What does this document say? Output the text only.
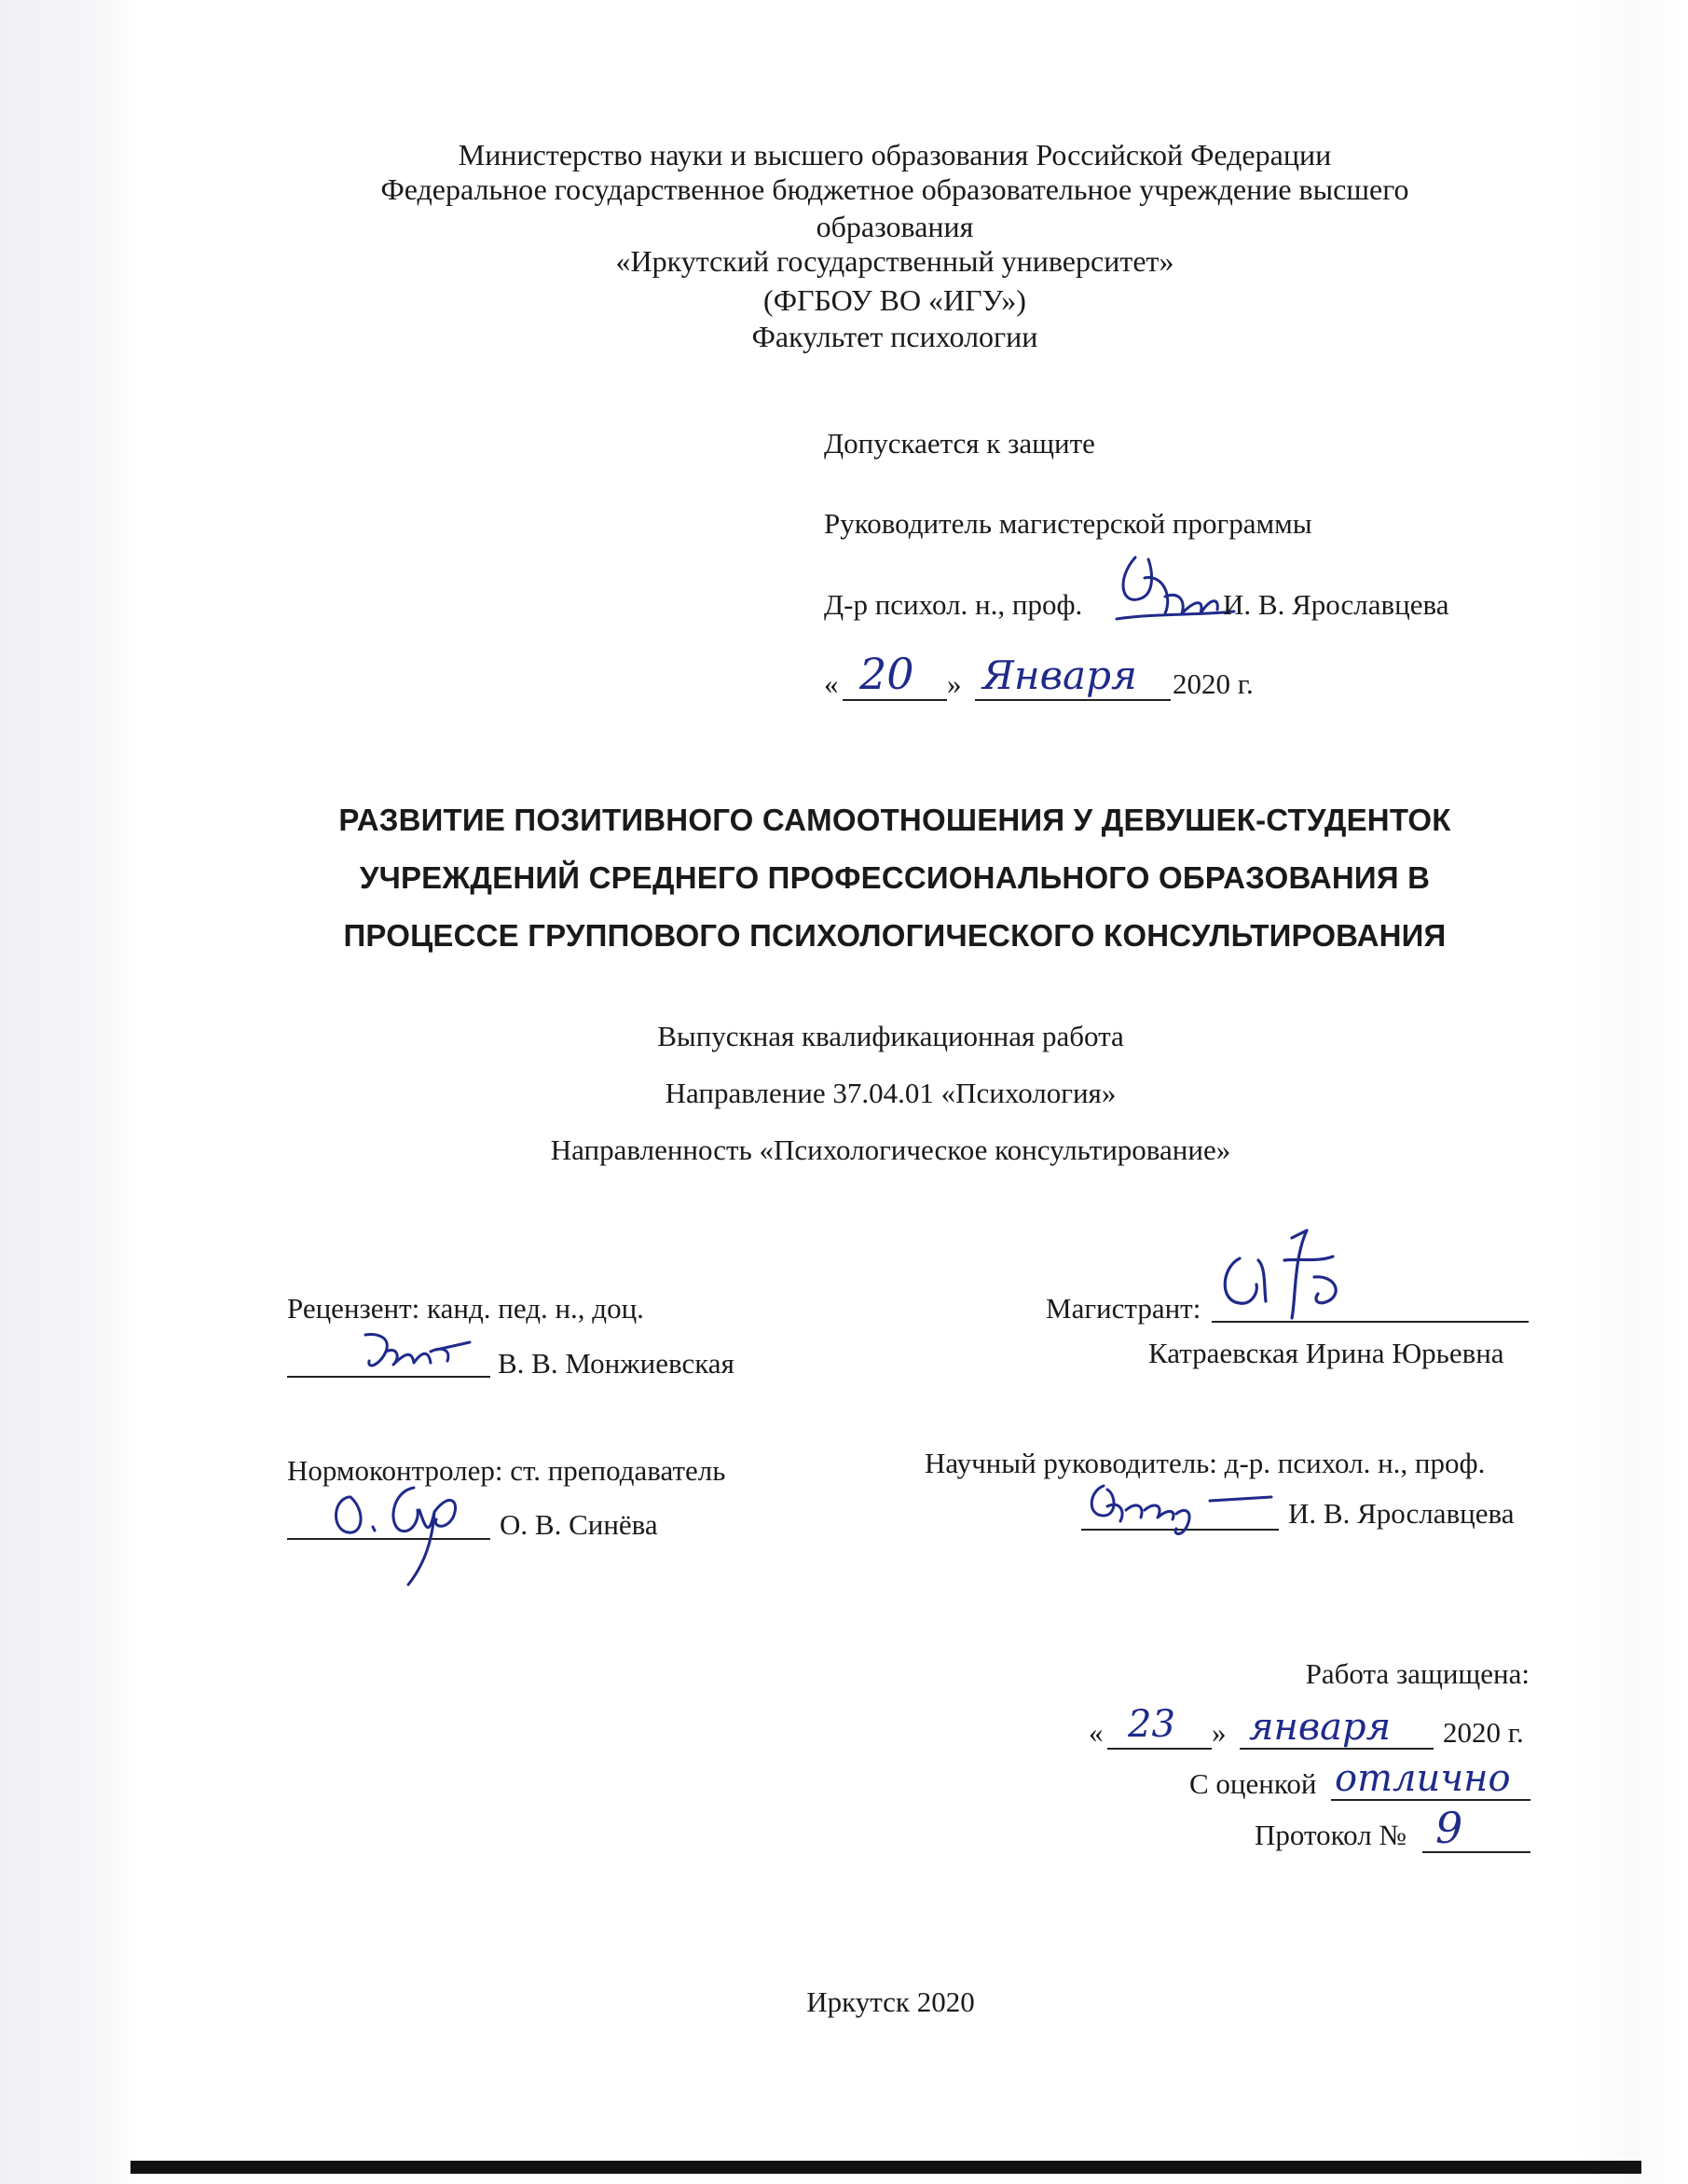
Министерство науки и высшего образования Российской Федерации
Федеральное государственное бюджетное образовательное учреждение высшего
образования
«Иркутский государственный университет»
(ФГБОУ ВО «ИГУ»)
Факультет психологии
Допускается к защите
Руководитель магистерской программы
Д-р психол. н., проф.	И. В. Ярославцева
« 20 » Января 2020 г.
РАЗВИТИЕ ПОЗИТИВНОГО САМООТНОШЕНИЯ У ДЕВУШЕК-СТУДЕНТОК
УЧРЕЖДЕНИЙ СРЕДНЕГО ПРОФЕССИОНАЛЬНОГО ОБРАЗОВАНИЯ В
ПРОЦЕССЕ ГРУППОВОГО ПСИХОЛОГИЧЕСКОГО КОНСУЛЬТИРОВАНИЯ
Выпускная квалификационная работа
Направление 37.04.01 «Психология»
Направленность «Психологическое консультирование»
Рецензент: канд. пед. н., доц.
В. В. Монжиевская
Магистрант:
Катраевская Ирина Юрьевна
Нормоконтролер: ст. преподаватель
О. В. Синёва
Научный руководитель: д-р. психол. н., проф.
И. В. Ярославцева
Работа защищена:
« 23 » января 2020 г.
С оценкой отлично
Протокол № 9
Иркутск 2020
